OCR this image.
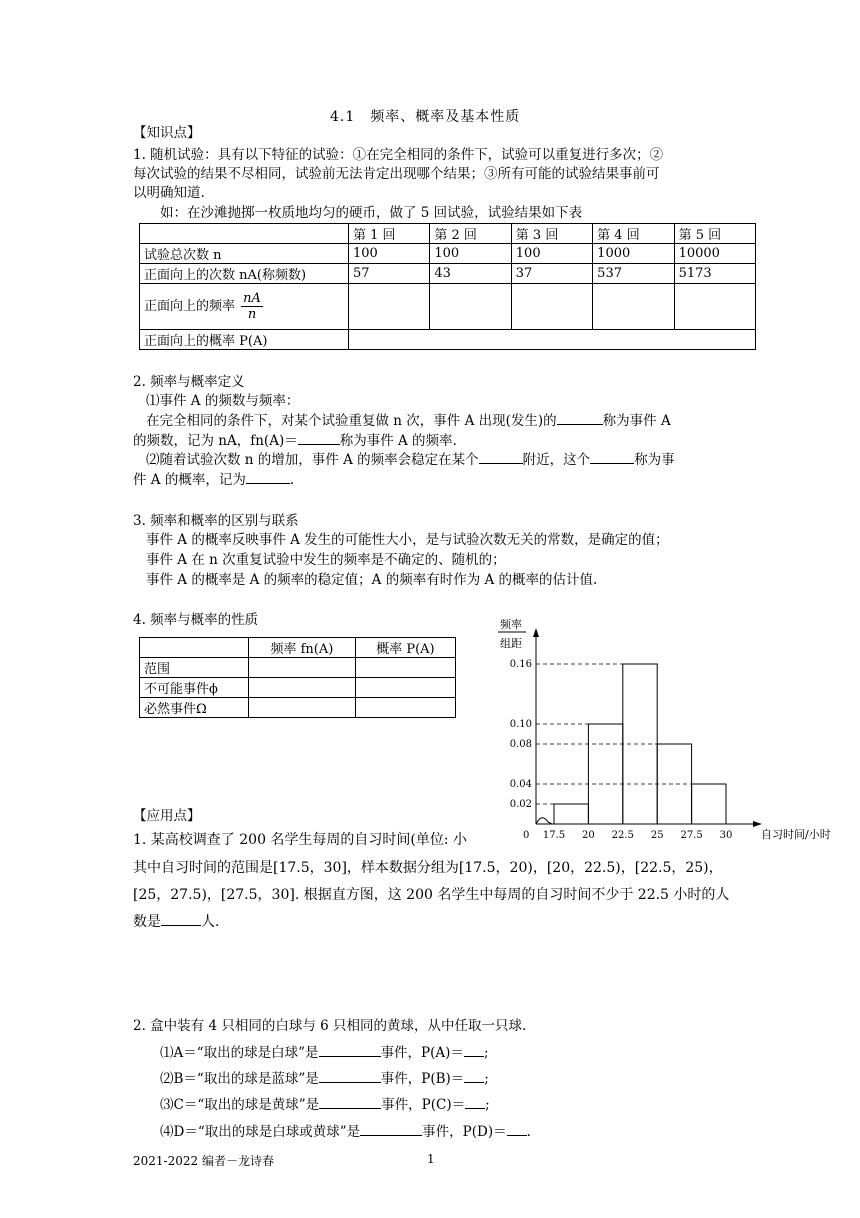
4.1　频率、概率及基本性质
【知识点】
1. 随机试验：具有以下特征的试验：①在完全相同的条件下，试验可以重复进行多次；②
每次试验的结果不尽相同，试验前无法肯定出现哪个结果；③所有可能的试验结果事前可
以明确知道.
如：在沙滩抛掷一枚质地均匀的硬币，做了 5 回试验，试验结果如下表
	第 1 回	第 2 回	第 3 回	第 4 回	第 5 回
试验总次数 n	100	100	100	1000	10000
正面向上的次数 nA(称频数)	57	43	37	537	5173
正面向上的频率 $\frac{nA}{n}$

正面向上的概率 P(A)					
2. 频率与概率定义
⑴事件 A 的频数与频率：
在完全相同的条件下，对某个试验重复做 n 次，事件 A 出现(发生)的	称为事件 A
的频数，记为 nA，fn(A)＝	称为事件 A 的频率.
⑵随着试验次数 n 的增加，事件 A 的频率会稳定在某个	附近，这个	称为事
件 A 的概率，记为	.
3. 频率和概率的区别与联系
事件 A 的概率反映事件 A 发生的可能性大小，是与试验次数无关的常数，是确定的值；
事件 A 在 n 次重复试验中发生的频率是不确定的、随机的；
事件 A 的概率是 A 的频率的稳定值；A 的频率有时作为 A 的概率的估计值.
4. 频率与概率的性质
	频率 fn(A)	概率 P(A)
范围		
不可能事件ϕ		
必然事件Ω		
频率
组距
0.16
0.10
0.08
0.04
0.02
17.5 20 22.5 25 27.5 30
0	自习时间/小时
【应用点】
1. 某高校调查了 200 名学生每周的自习时间(单位: 小
其中自习时间的范围是[17.5，30]，样本数据分组为[17.5，20)，[20，22.5)，[22.5，25)，
[25，27.5)，[27.5，30]. 根据直方图，这 200 名学生中每周的自习时间不少于 22.5 小时的人
数是	人.
2. 盒中装有 4 只相同的白球与 6 只相同的黄球，从中任取一只球.
⑴A＝“取出的球是白球”是	事件，P(A)＝ ;
⑵B＝“取出的球是蓝球”是	事件，P(B)＝ ;
⑶C＝“取出的球是黄球”是	事件，P(C)＝ ;
⑷D＝“取出的球是白球或黄球”是	事件，P(D)＝ .
2021-2022 编者－龙诗春	1
